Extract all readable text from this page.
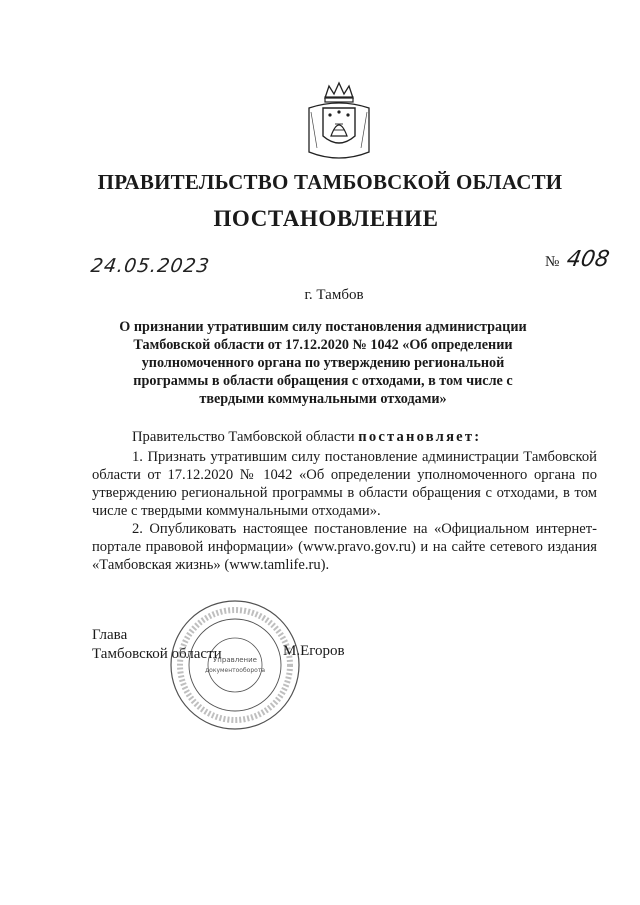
ПРАВИТЕЛЬСТВО ТАМБОВСКОЙ ОБЛАСТИ
ПОСТАНОВЛЕНИЕ
24.05.2023	№ 408
г. Тамбов
О признании утратившим силу постановления администрации Тамбовской области от 17.12.2020 № 1042 «Об определении уполномоченного органа по утверждению региональной программы в области обращения с отходами, в том числе с твердыми коммунальными отходами»

Правительство Тамбовской области постановляет:

1. Признать утратившим силу постановление администрации Тамбовской области от 17.12.2020 № 1042 «Об определении уполномоченного органа по утверждению региональной программы в области обращения с отходами, в том числе с твердыми коммунальными отходами».

2. Опубликовать настоящее постановление на «Официальном интернет-портале правовой информации» (www.pravo.gov.ru) и на сайте сетевого издания «Тамбовская жизнь» (www.tamlife.ru).

Глава
Тамбовской области
Управление
документооборота
М.Егоров
